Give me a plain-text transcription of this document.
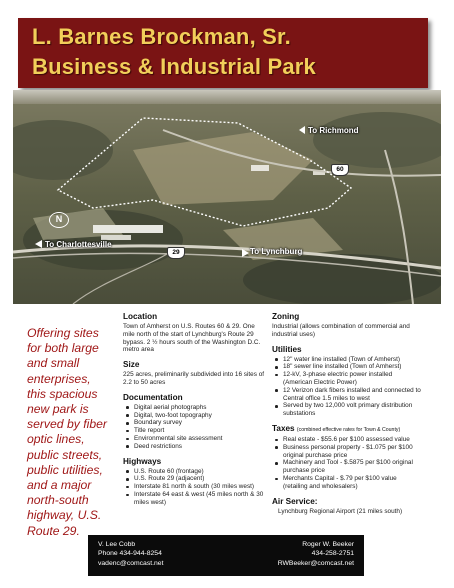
L. Barnes Brockman, Sr.
Business & Industrial Park
N
To Richmond
To Charlottesville
To Lynchburg
60
29
Offering sites for both large and small enterprises, this spacious new park is served by fiber optic lines, public streets, public utilities, and a major north-south highway, U.S. Route 29.
Location

Town of Amherst on U.S. Routes 60 & 29. One mile north of the start of Lynchburg's Route 29 bypass. 2 ½ hours south of the Washington D.C. metro area

Size

225 acres, preliminarily subdivided into 16 sites of 2.2 to 50 acres

Documentation
Digital aerial photographs
Digital, two-foot topography
Boundary survey
Title report
Environmental site assessment
Deed restrictions
Highways
U.S. Route 60 (frontage)
U.S. Route 29 (adjacent)
Interstate 81 north & south (30 miles west)
Interstate 64 east & west (45 miles north & 30 miles west)
Zoning

Industrial (allows combination of commercial and industrial uses)

Utilities
12" water line installed (Town of Amherst)
18" sewer line installed (Town of Amherst)
12-kV, 3-phase electric power installed (American Electric Power)
12 Verizon dark fibers installed and connected to Central office 1.5 miles to west
Served by two 12,000 volt primary distribution substations
Taxes (combined effective rates for Town & County)
Real estate - $55.6 per $100 assessed value
Business personal property - $1.075 per $100 original purchase price
Machinery and Tool - $.5875 per $100 original purchase price
Merchants Capital - $.79 per $100 value (retailing and wholesalers)
Air Service:

Lynchburg Regional Airport (21 miles south)

V. Lee Cobb
Phone 434-944-8254
vadenc@comcast.net
Roger W. Beeker
434-258-2751
RWBeeker@comcast.net
